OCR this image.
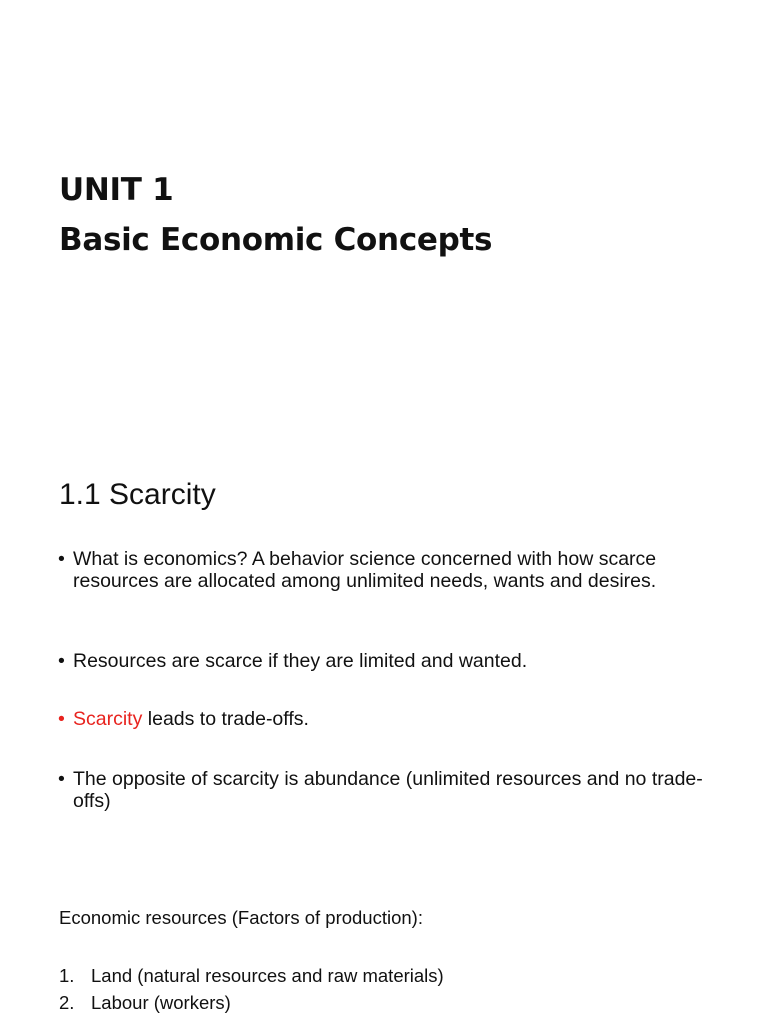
UNIT 1
Basic Economic Concepts
1.1 Scarcity
• What is economics? A behavior science concerned with how scarce resources are allocated among unlimited needs, wants and desires.
• Resources are scarce if they are limited and wanted.
• Scarcity leads to trade-offs.
• The opposite of scarcity is abundance (unlimited resources and no trade-offs)

Economic resources (Factors of production):

1. Land (natural resources and raw materials)
2. Labour (workers)
